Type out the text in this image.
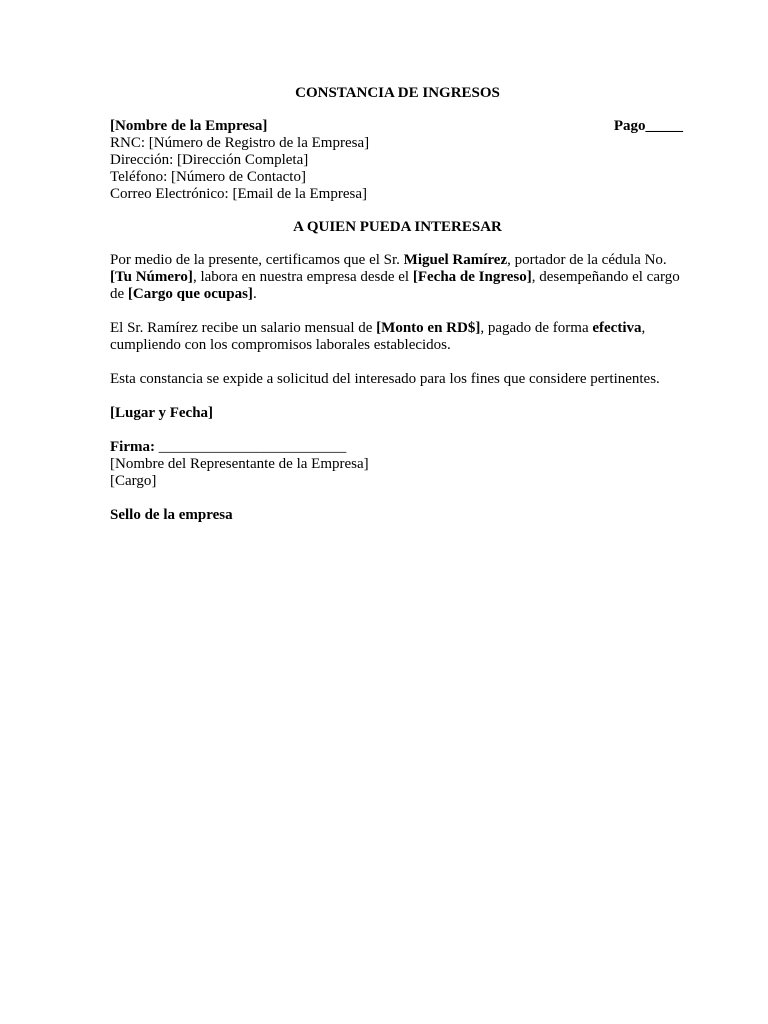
CONSTANCIA DE INGRESOS
[Nombre de la Empresa]	Pago_____
RNC: [Número de Registro de la Empresa]
Dirección: [Dirección Completa]
Teléfono: [Número de Contacto]
Correo Electrónico: [Email de la Empresa]
A QUIEN PUEDA INTERESAR
Por medio de la presente, certificamos que el Sr. Miguel Ramírez, portador de la cédula No. [Tu Número], labora en nuestra empresa desde el [Fecha de Ingreso], desempeñando el cargo de [Cargo que ocupas].
El Sr. Ramírez recibe un salario mensual de [Monto en RD$], pagado de forma efectiva, cumpliendo con los compromisos laborales establecidos.
Esta constancia se expide a solicitud del interesado para los fines que considere pertinentes.
[Lugar y Fecha]
Firma: _________________________
[Nombre del Representante de la Empresa]
[Cargo]
Sello de la empresa
